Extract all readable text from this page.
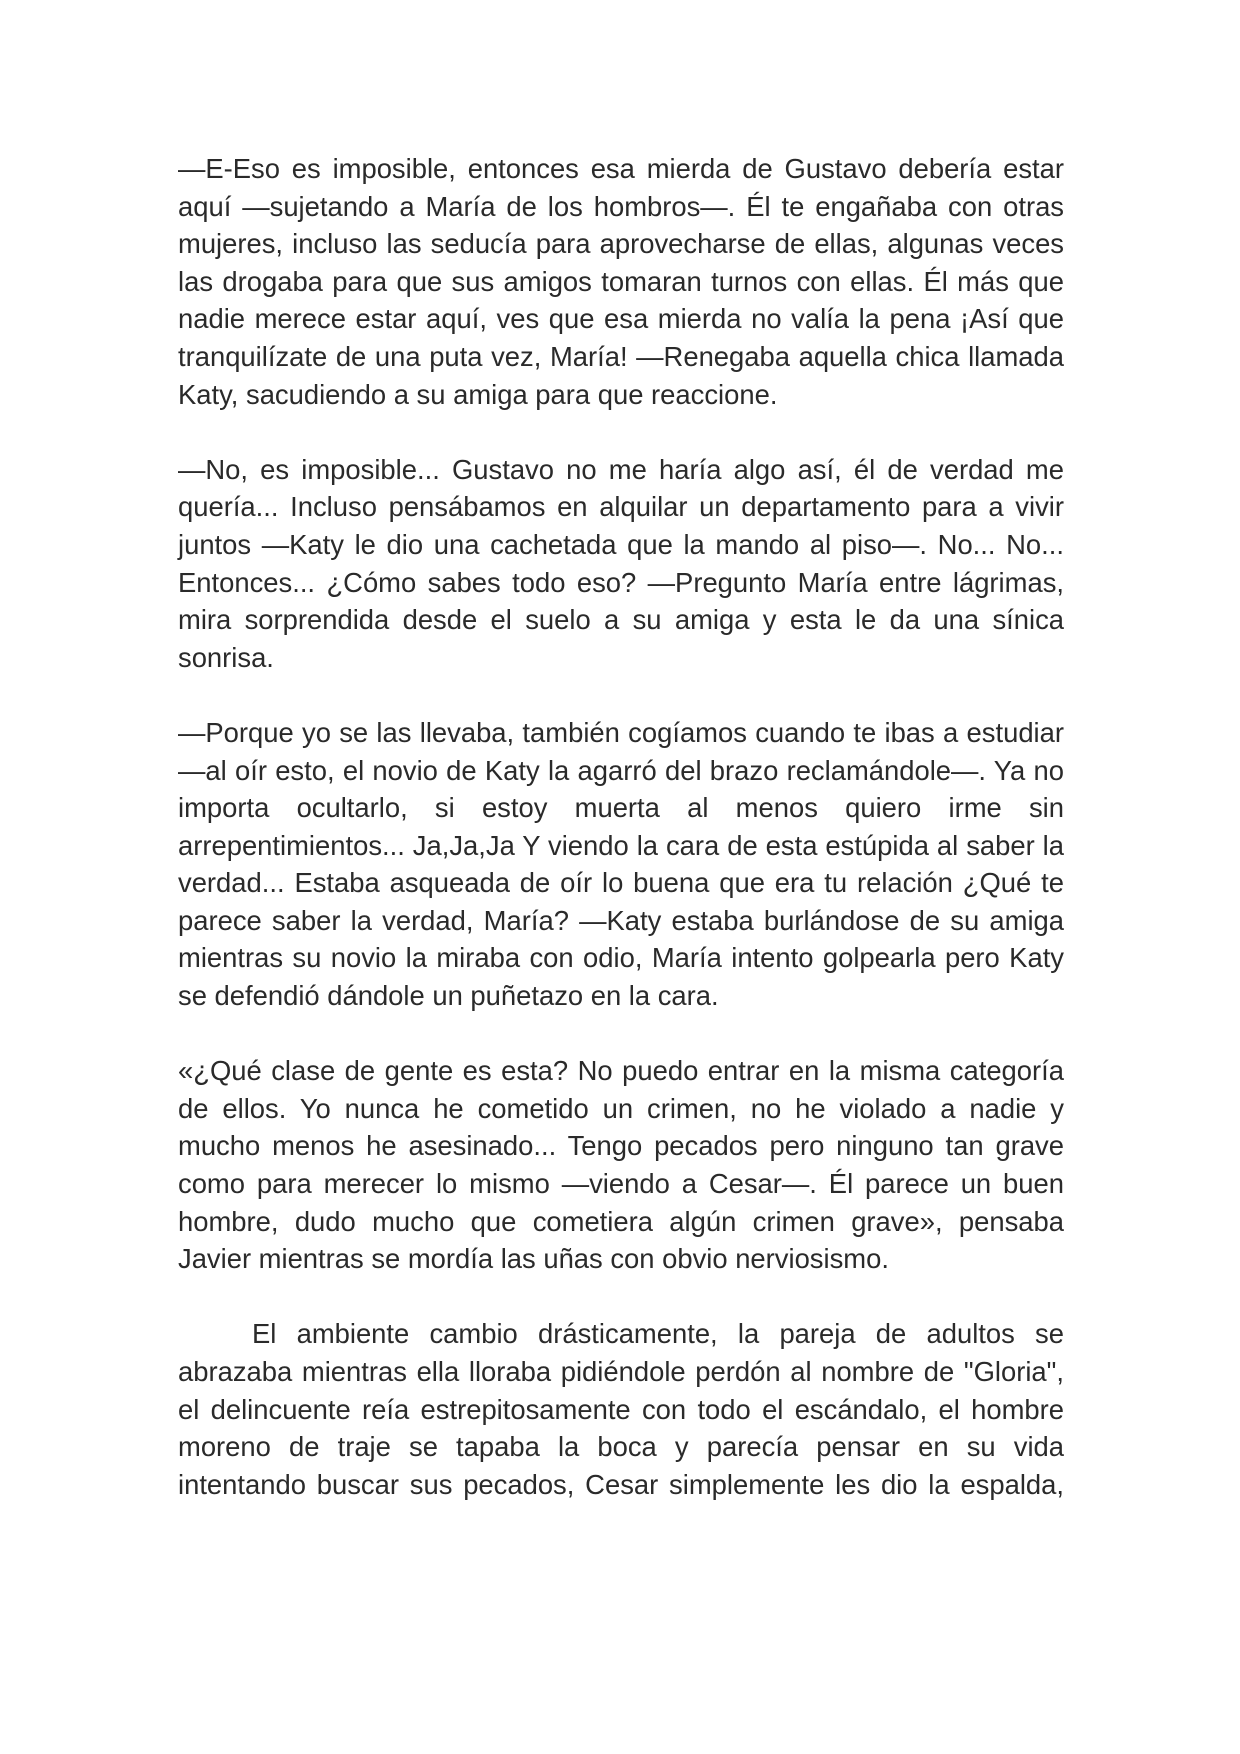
—E-Eso es imposible, entonces esa mierda de Gustavo debería estar aquí —sujetando a María de los hombros—. Él te engañaba con otras mujeres, incluso las seducía para aprovecharse de ellas, algunas veces las drogaba para que sus amigos tomaran turnos con ellas. Él más que nadie merece estar aquí, ves que esa mierda no valía la pena ¡Así que tranquilízate de una puta vez, María! —Renegaba aquella chica llamada Katy, sacudiendo a su amiga para que reaccione.

—No, es imposible... Gustavo no me haría algo así, él de verdad me quería... Incluso pensábamos en alquilar un departamento para a vivir juntos —Katy le dio una cachetada que la mando al piso—. No... No... Entonces... ¿Cómo sabes todo eso? —Pregunto María entre lágrimas, mira sorprendida desde el suelo a su amiga y esta le da una sínica sonrisa.

—Porque yo se las llevaba, también cogíamos cuando te ibas a estudiar —al oír esto, el novio de Katy la agarró del brazo reclamándole—. Ya no importa ocultarlo, si estoy muerta al menos quiero irme sin arrepentimientos... Ja,Ja,Ja Y viendo la cara de esta estúpida al saber la verdad... Estaba asqueada de oír lo buena que era tu relación ¿Qué te parece saber la verdad, María? —Katy estaba burlándose de su amiga mientras su novio la miraba con odio, María intento golpearla pero Katy se defendió dándole un puñetazo en la cara.

«¿Qué clase de gente es esta? No puedo entrar en la misma categoría de ellos. Yo nunca he cometido un crimen, no he violado a nadie y mucho menos he asesinado... Tengo pecados pero ninguno tan grave como para merecer lo mismo —viendo a Cesar—. Él parece un buen hombre, dudo mucho que cometiera algún crimen grave», pensaba Javier mientras se mordía las uñas con obvio nerviosismo.

El ambiente cambio drásticamente, la pareja de adultos se abrazaba mientras ella lloraba pidiéndole perdón al nombre de "Gloria", el delincuente reía estrepitosamente con todo el escándalo, el hombre moreno de traje se tapaba la boca y parecía pensar en su vida intentando buscar sus pecados, Cesar simplemente les dio la espalda,
